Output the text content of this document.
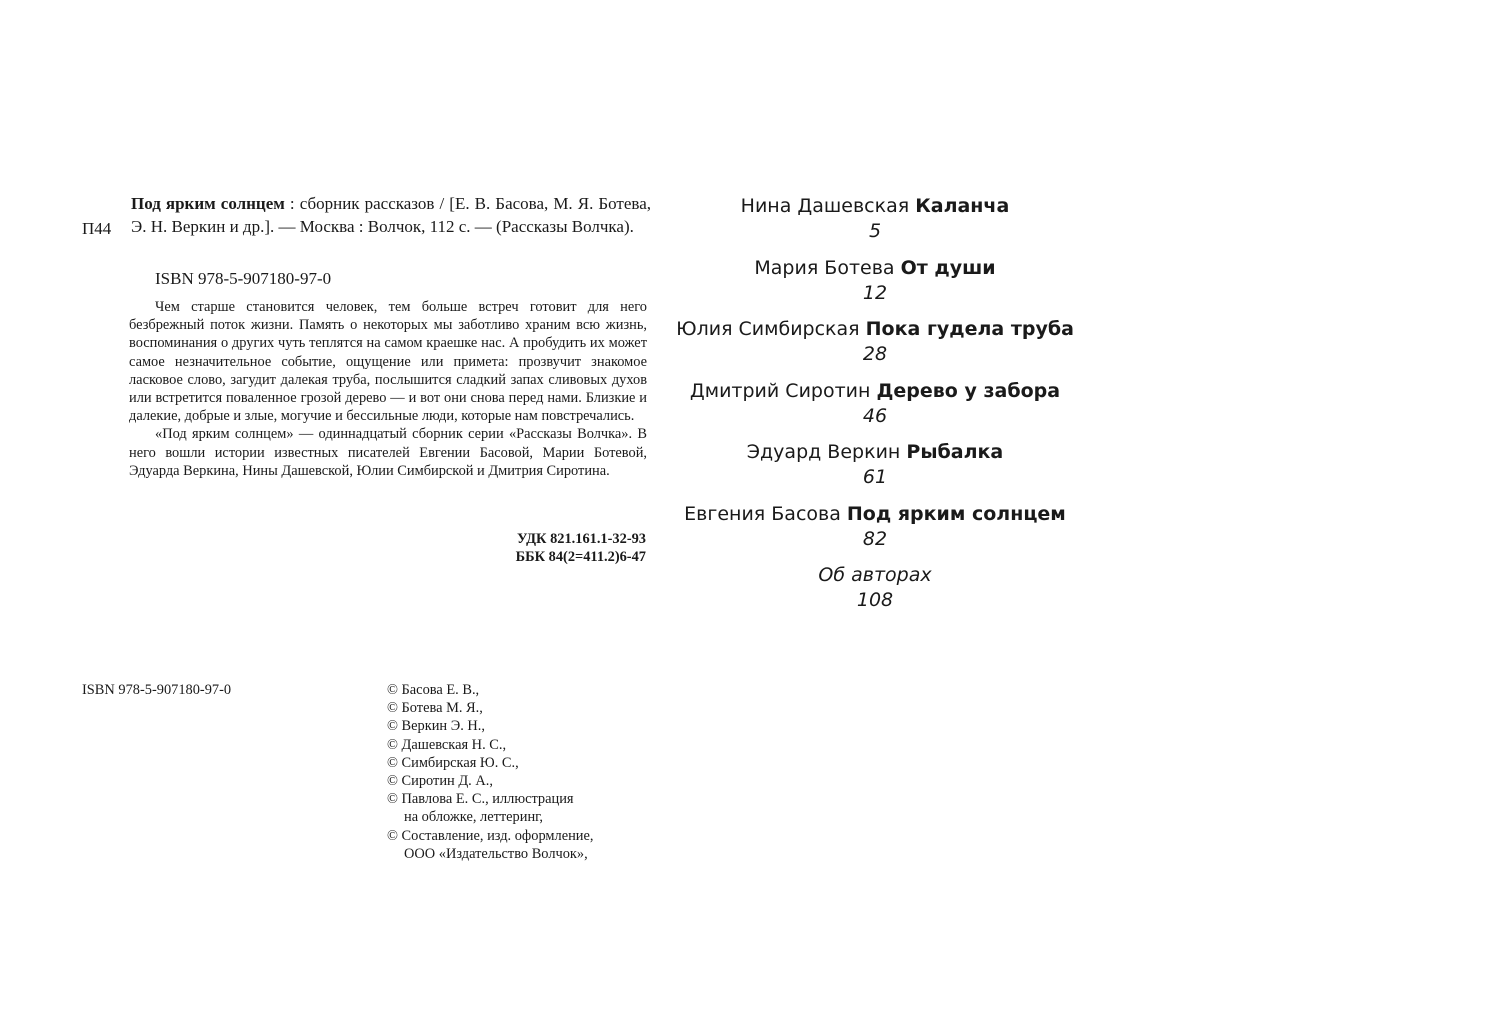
П44
Под ярким солнцем : сборник рассказов / [Е. В. Басова, М. Я. Ботева, Э. Н. Веркин и др.]. — Москва : Волчок, 112 с. — (Рассказы Волчка).
ISBN 978-5-907180-97-0

Чем старше становится человек, тем больше встреч готовит для него безбрежный поток жизни. Память о некоторых мы заботливо храним всю жизнь, воспоминания о других чуть теплятся на самом краешке нас. А пробудить их может самое незначительное событие, ощущение или примета: прозвучит знакомое ласковое слово, загудит далекая труба, послышится сладкий запах сливовых духов или встретится поваленное грозой дерево — и вот они снова перед нами. Близкие и далекие, добрые и злые, могучие и бессильные люди, которые нам повстречались.

«Под ярким солнцем» — одиннадцатый сборник серии «Рассказы Волчка». В него вошли истории известных писателей Евгении Басовой, Марии Ботевой, Эдуарда Веркина, Нины Дашевской, Юлии Симбирской и Дмитрия Сиротина.

УДК 821.161.1-32-93
ББК 84(2=411.2)6-47
ISBN 978-5-907180-97-0	© Басова Е. В.,
© Ботева М. Я.,
© Веркин Э. Н.,
© Дашевская Н. С.,
© Симбирская Ю. С.,
© Сиротин Д. А.,
© Павлова Е. С., иллюстрация
на обложке, леттеринг,
© Составление, изд. оформление,
ООО «Издательство Волчок»,
Нина Дашевская Каланча
5
Мария Ботева От души
12
Юлия Симбирская Пока гудела труба
28
Дмитрий Сиротин Дерево у забора
46
Эдуард Веркин Рыбалка
61
Евгения Басова Под ярким солнцем
82
Об авторах
108
